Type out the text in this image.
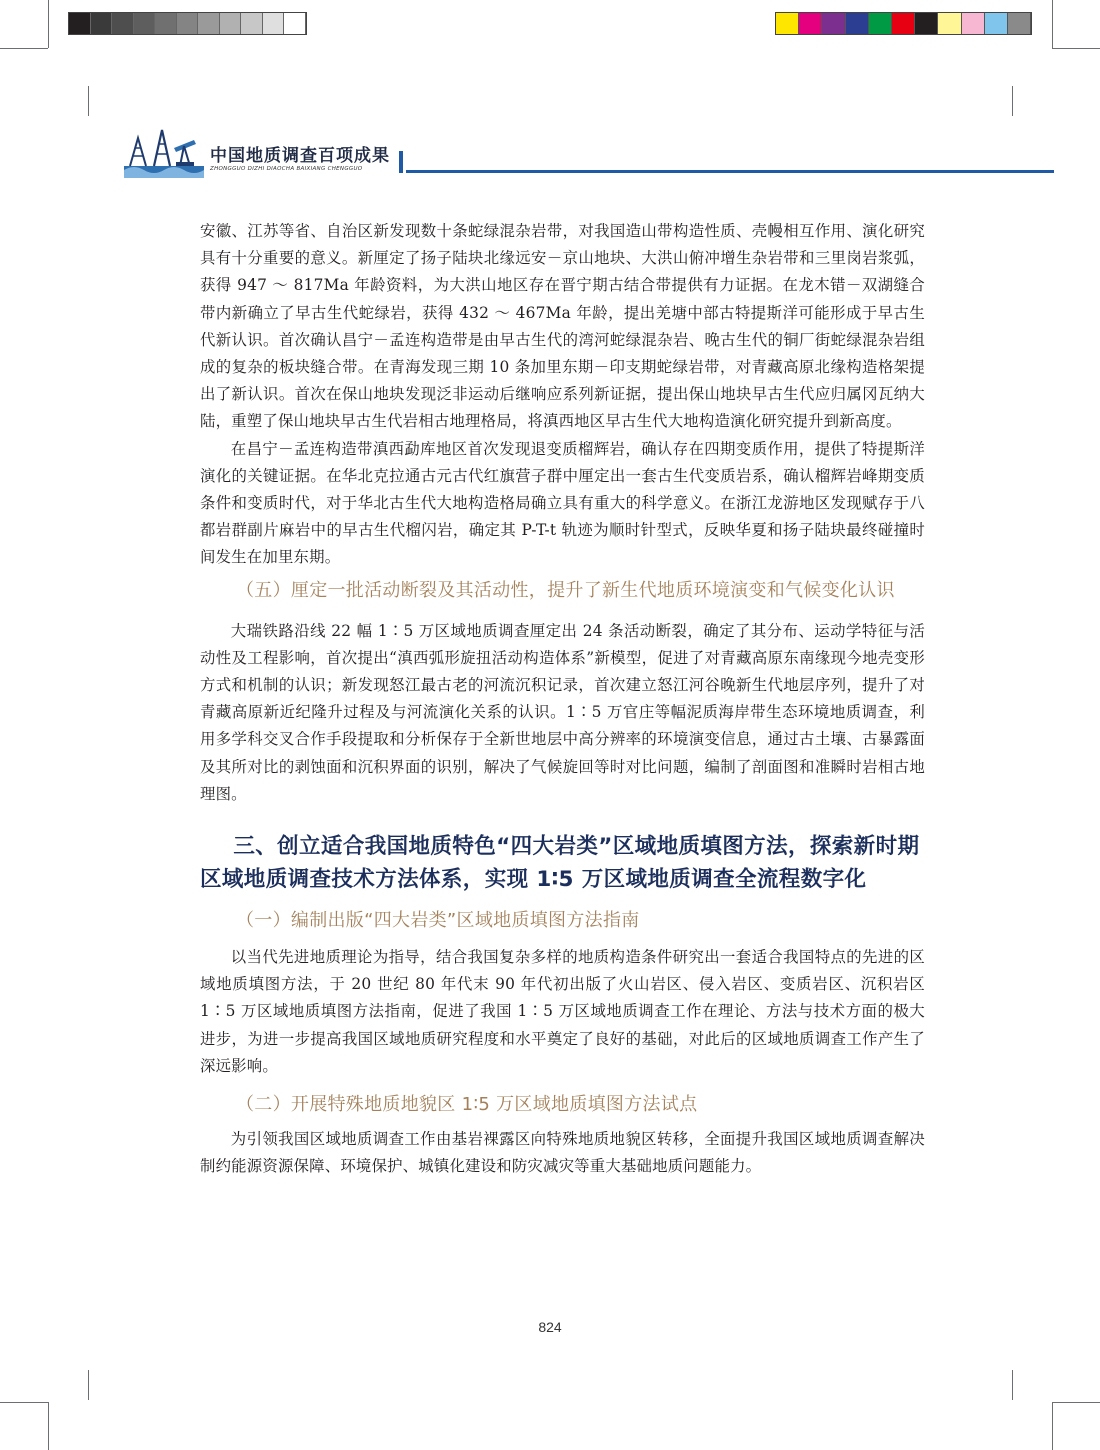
中国地质调查百项成果
ZHONGGUO DIZHI DIAOCHA BAIXIANG CHENGGUO

安徽、江苏等省、自治区新发现数十条蛇绿混杂岩带，对我国造山带构造性质、壳幔相互作用、演化研究具有十分重要的意义。新厘定了扬子陆块北缘远安－京山地块、大洪山俯冲增生杂岩带和三里岗岩浆弧，获得 947 ～ 817Ma 年龄资料，为大洪山地区存在晋宁期古结合带提供有力证据。在龙木错－双湖缝合带内新确立了早古生代蛇绿岩，获得 432 ～ 467Ma 年龄，提出羌塘中部古特提斯洋可能形成于早古生代新认识。首次确认昌宁－孟连构造带是由早古生代的湾河蛇绿混杂岩、晚古生代的铜厂街蛇绿混杂岩组成的复杂的板块缝合带。在青海发现三期 10 条加里东期－印支期蛇绿岩带，对青藏高原北缘构造格架提出了新认识。首次在保山地块发现泛非运动后继响应系列新证据，提出保山地块早古生代应归属冈瓦纳大陆，重塑了保山地块早古生代岩相古地理格局，将滇西地区早古生代大地构造演化研究提升到新高度。

在昌宁－孟连构造带滇西勐库地区首次发现退变质榴辉岩，确认存在四期变质作用，提供了特提斯洋演化的关键证据。在华北克拉通古元古代红旗营子群中厘定出一套古生代变质岩系，确认榴辉岩峰期变质条件和变质时代，对于华北古生代大地构造格局确立具有重大的科学意义。在浙江龙游地区发现赋存于八都岩群副片麻岩中的早古生代榴闪岩，确定其 P-T-t 轨迹为顺时针型式，反映华夏和扬子陆块最终碰撞时间发生在加里东期。

（五）厘定一批活动断裂及其活动性，提升了新生代地质环境演变和气候变化认识

大瑞铁路沿线 22 幅 1∶5 万区域地质调查厘定出 24 条活动断裂，确定了其分布、运动学特征与活动性及工程影响，首次提出“滇西弧形旋扭活动构造体系”新模型，促进了对青藏高原东南缘现今地壳变形方式和机制的认识；新发现怒江最古老的河流沉积记录，首次建立怒江河谷晚新生代地层序列，提升了对青藏高原新近纪隆升过程及与河流演化关系的认识。1∶5 万官庄等幅泥质海岸带生态环境地质调查，利用多学科交叉合作手段提取和分析保存于全新世地层中高分辨率的环境演变信息，通过古土壤、古暴露面及其所对比的剥蚀面和沉积界面的识别，解决了气候旋回等时对比问题，编制了剖面图和准瞬时岩相古地理图。

三、创立适合我国地质特色“四大岩类”区域地质填图方法，探索新时期区域地质调查技术方法体系，实现 1∶5 万区域地质调查全流程数字化
（一）编制出版“四大岩类”区域地质填图方法指南

以当代先进地质理论为指导，结合我国复杂多样的地质构造条件研究出一套适合我国特点的先进的区域地质填图方法，于 20 世纪 80 年代末 90 年代初出版了火山岩区、侵入岩区、变质岩区、沉积岩区 1∶5 万区域地质填图方法指南，促进了我国 1∶5 万区域地质调查工作在理论、方法与技术方面的极大进步，为进一步提高我国区域地质研究程度和水平奠定了良好的基础，对此后的区域地质调查工作产生了深远影响。

（二）开展特殊地质地貌区 1∶5 万区域地质填图方法试点

为引领我国区域地质调查工作由基岩裸露区向特殊地质地貌区转移，全面提升我国区域地质调查解决制约能源资源保障、环境保护、城镇化建设和防灾减灾等重大基础地质问题能力。

824
